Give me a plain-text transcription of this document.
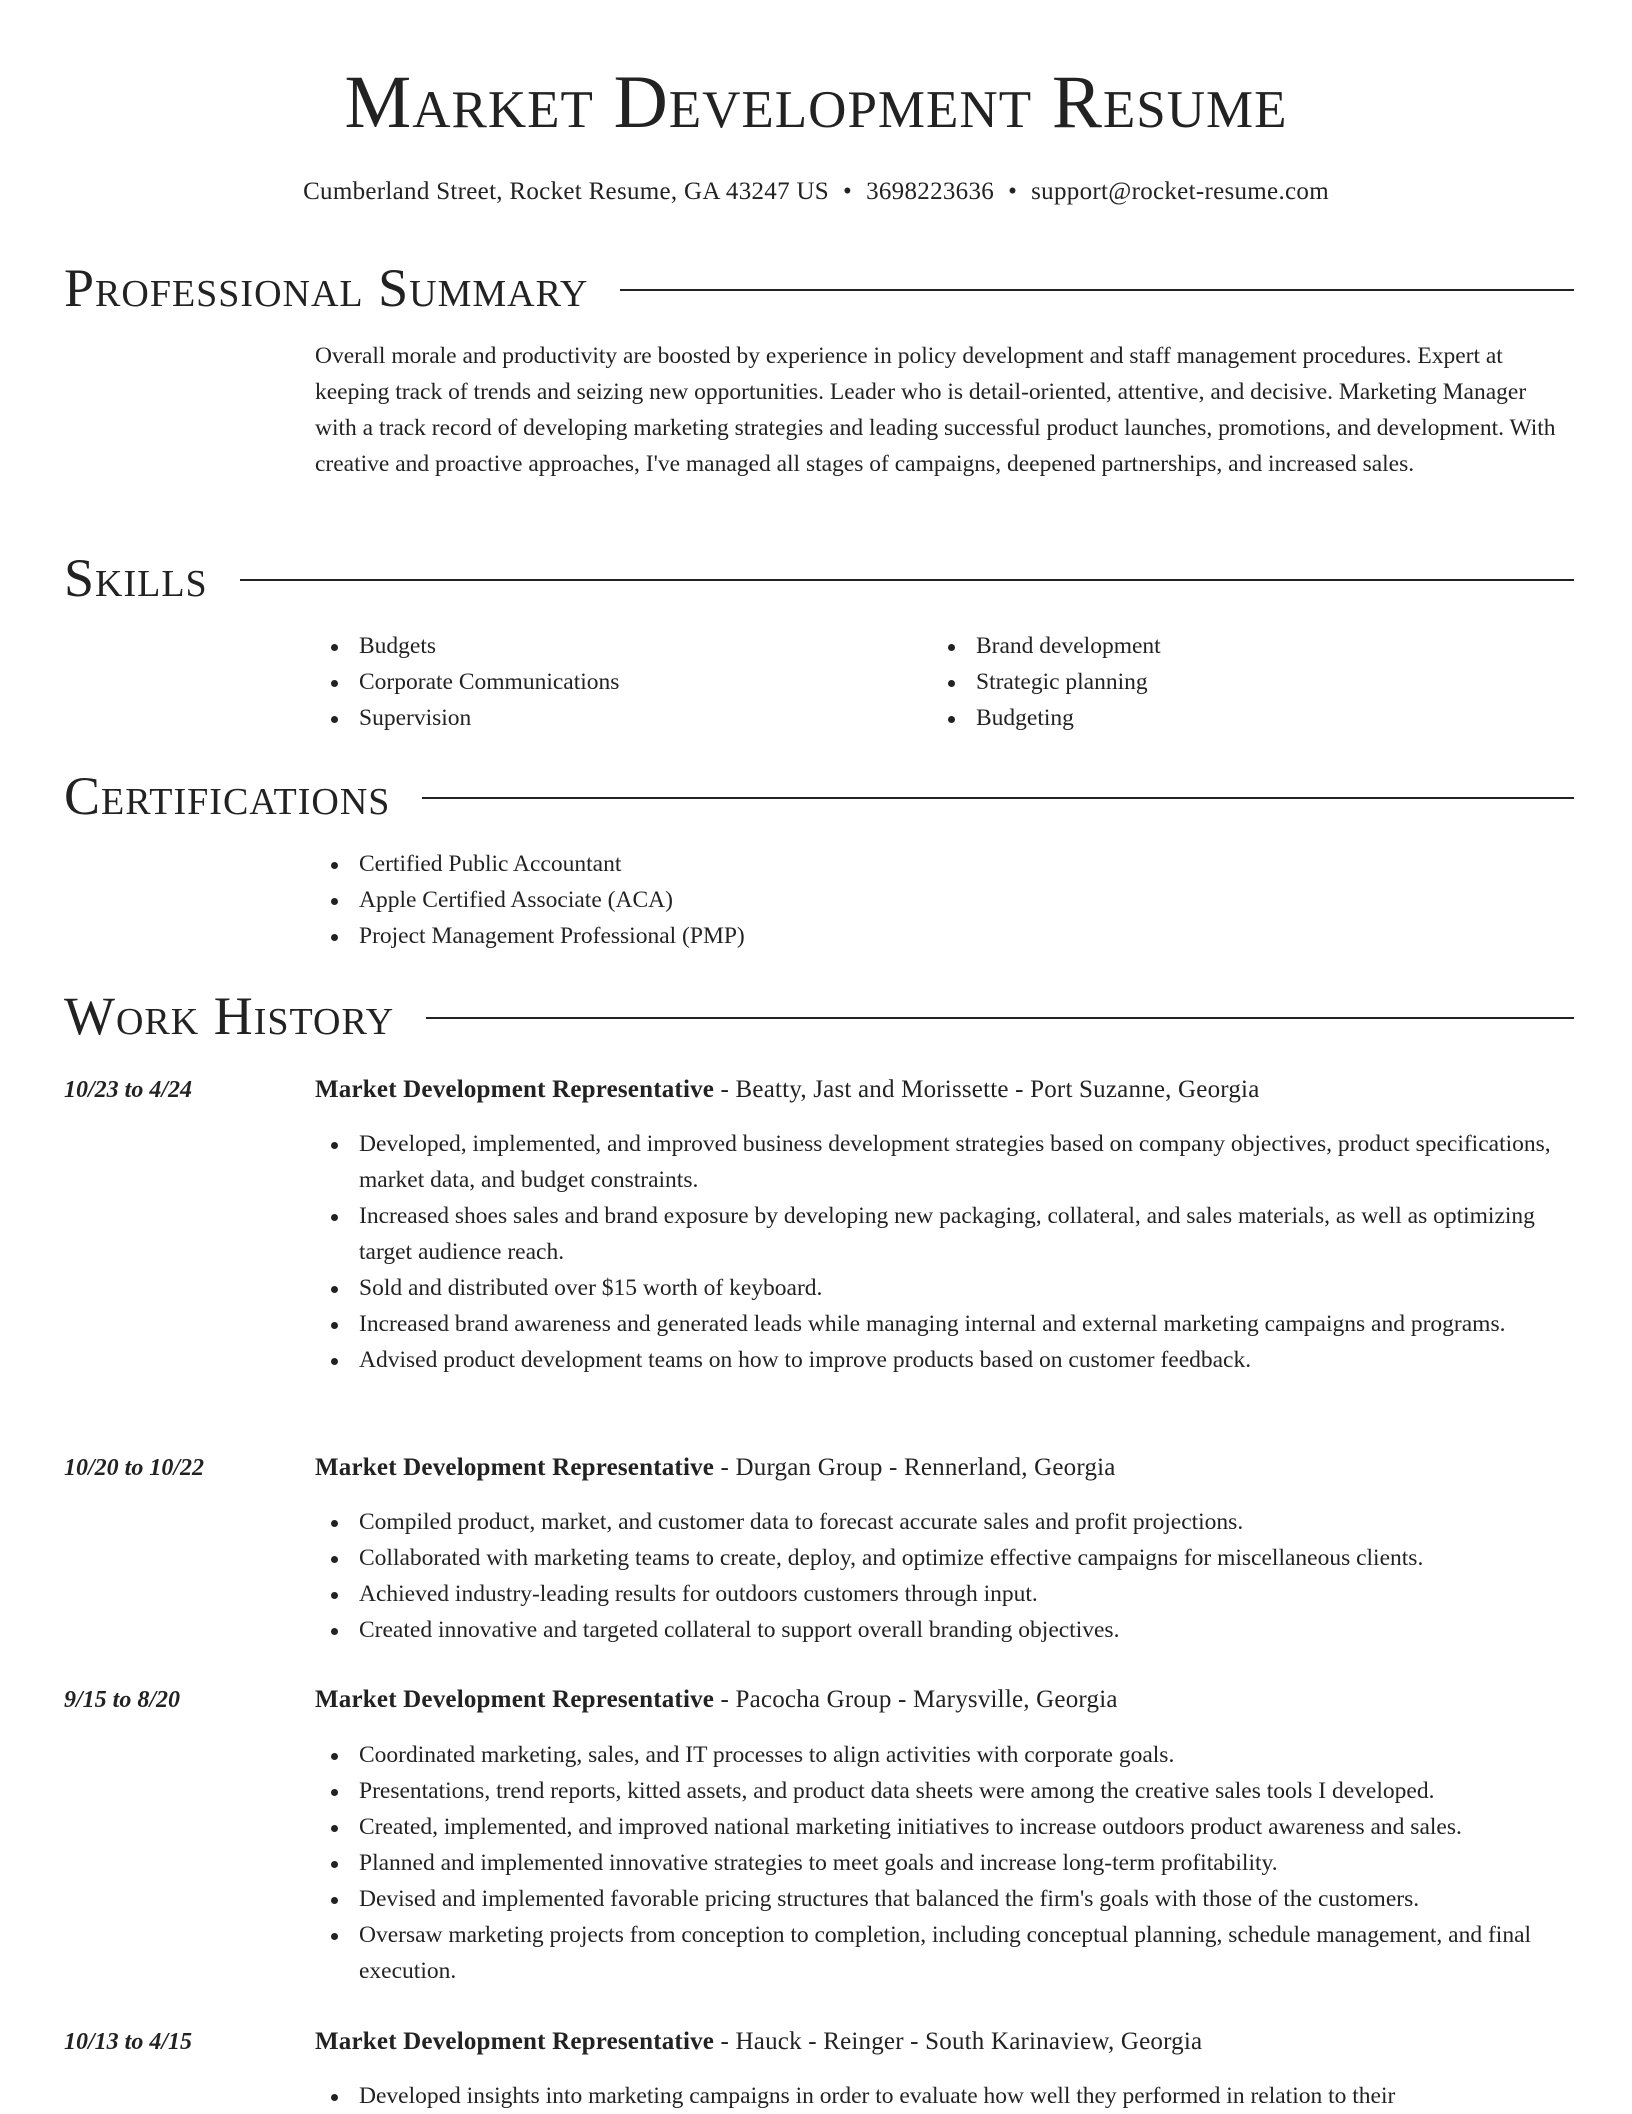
Market Development Resume
Cumberland Street, Rocket Resume, GA 43247 US • 3698223636 • support@rocket-resume.com
Professional Summary

Overall morale and productivity are boosted by experience in policy development and staff management procedures. Expert at keeping track of trends and seizing new opportunities. Leader who is detail-oriented, attentive, and decisive. Marketing Manager with a track record of developing marketing strategies and leading successful product launches, promotions, and development. With creative and proactive approaches, I've managed all stages of campaigns, deepened partnerships, and increased sales.

Skills
Budgets
Corporate Communications
Supervision
Brand development
Strategic planning
Budgeting
Certifications
Certified Public Accountant
Apple Certified Associate (ACA)
Project Management Professional (PMP)
Work History
10/23 to 4/24	Market Development Representative - Beatty, Jast and Morissette - Port Suzanne, Georgia
Developed, implemented, and improved business development strategies based on company objectives, product specifications, market data, and budget constraints.
Increased shoes sales and brand exposure by developing new packaging, collateral, and sales materials, as well as optimizing target audience reach.
Sold and distributed over $15 worth of keyboard.
Increased brand awareness and generated leads while managing internal and external marketing campaigns and programs.
Advised product development teams on how to improve products based on customer feedback.
10/20 to 10/22	Market Development Representative - Durgan Group - Rennerland, Georgia
Compiled product, market, and customer data to forecast accurate sales and profit projections.
Collaborated with marketing teams to create, deploy, and optimize effective campaigns for miscellaneous clients.
Achieved industry-leading results for outdoors customers through input.
Created innovative and targeted collateral to support overall branding objectives.
9/15 to 8/20	Market Development Representative - Pacocha Group - Marysville, Georgia
Coordinated marketing, sales, and IT processes to align activities with corporate goals.
Presentations, trend reports, kitted assets, and product data sheets were among the creative sales tools I developed.
Created, implemented, and improved national marketing initiatives to increase outdoors product awareness and sales.
Planned and implemented innovative strategies to meet goals and increase long-term profitability.
Devised and implemented favorable pricing structures that balanced the firm's goals with those of the customers.
Oversaw marketing projects from conception to completion, including conceptual planning, schedule management, and final execution.
10/13 to 4/15	Market Development Representative - Hauck - Reinger - South Karinaview, Georgia
Developed insights into marketing campaigns in order to evaluate how well they performed in relation to their
